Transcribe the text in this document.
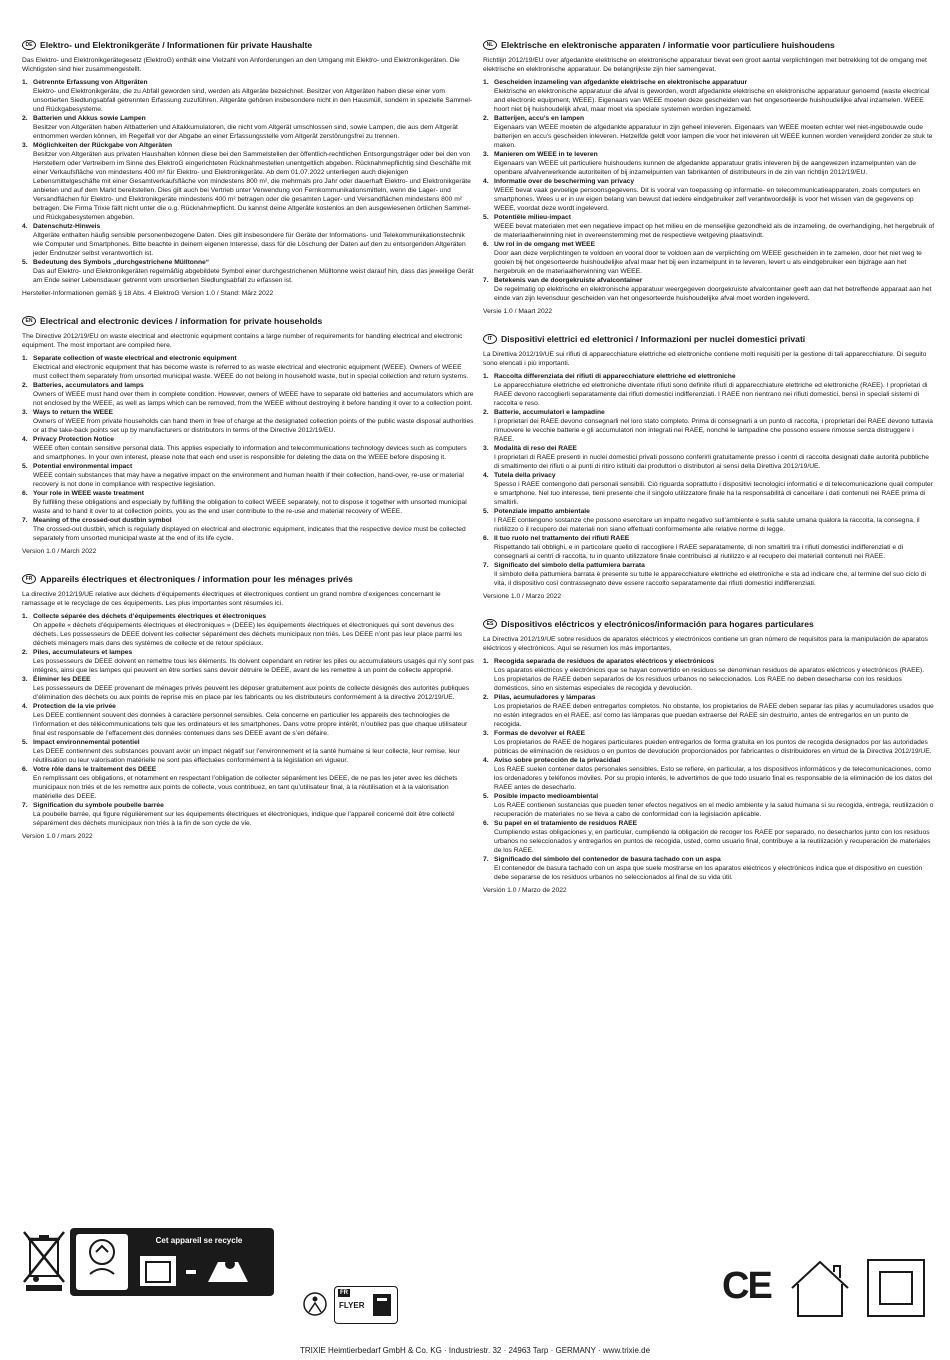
DE Elektro- und Elektronikgeräte / Informationen für private Haushalte
Das Elektro- und Elektronikgerätegesetz (ElektroG) enthält eine Vielzahl von Anforderungen an den Umgang mit Elektro- und Elektronikgeräten. Die Wichtigsten sind hier zusammengestellt.
1. Getrennte Erfassung von Altgeräten
Elektro- und Elektronikgeräte, die zu Abfall geworden sind, werden als Altgeräte bezeichnet. Besitzer von Altgeräten haben diese einer vom unsortierten Siedlungsabfall getrennten Erfassung zuzuführen. Altgeräte gehören insbesondere nicht in den Hausmüll, sondern in spezielle Sammel- und Rückgabesysteme.
2. Batterien und Akkus sowie Lampen
Besitzer von Altgeräten haben Altbatterien und Altakkumulatoren, die nicht vom Altgerät umschlossen sind, sowie Lampen, die aus dem Altgerät entnommen werden können, im Regelfall vor der Abgabe an einer Erfassungsstelle vom Altgerät zerstörungsfrei zu trennen.
3. Möglichkeiten der Rückgabe von Altgeräten
Besitzer von Altgeräten aus privaten Haushalten können diese bei den Sammelstellen der öffentlich-rechtlichen Entsorgungsträger oder bei den von Herstellern oder Vertreibern im Sinne des ElektroG eingerichteten Rücknahmestellen unentgeltlich abgeben. Rücknahmepflichtig sind Geschäfte mit einer Verkaufsfläche von mindestens 400 m² für Elektro- und Elektronikgeräte. Ab dem 01.07.2022 unterliegen auch diejenigen Lebensmittelgeschäfte mit einer Gesamtverkaufsfläche von mindestens 800 m², die mehrmals pro Jahr oder dauerhaft Elektro- und Elektronikgeräte anbieten und auf dem Markt bereitstellen. Dies gilt auch bei Vertrieb unter Verwendung von Fernkommunikationsmitteln, wenn die Lager- und Versandflächen für Elektro- und Elektronikgeräte mindestens 400 m² betragen oder die gesamten Lager- und Versandflächen mindestens 800 m² betragen. Die Firma Trixie fällt nicht unter die o.g. Rücknahmepflicht. Du kannst deine Altgeräte kostenlos an den ausgewiesenen örtlichen Sammel- und Rückgabesystemen abgeben.
4. Datenschutz-Hinweis
Altgeräte enthalten häufig sensible personenbezogene Daten. Dies gilt insbesondere für Geräte der Informations- und Telekommunikationstechnik wie Computer und Smartphones. Bitte beachte in deinem eigenen Interesse, dass für die Löschung der Daten auf den zu entsorgenden Altgeräten jeder Endnutzer selbst verantwortlich ist.
5. Bedeutung des Symbols „durchgestrichene Mülltonne“
Das auf Elektro- und Elektronikgeräten regelmäßig abgebildete Symbol einer durchgestrichenen Mülltonne weist darauf hin, dass das jeweilige Gerät am Ende seiner Lebensdauer getrennt vom unsortierten Siedlungsabfall zu erfassen ist.
Hersteller-Informationen gemäß § 18 Abs. 4 ElektroG Version 1.0 / Stand: März 2022
EN Electrical and electronic devices / information for private households
The Directive 2012/19/EU on waste electrical and electronic equipment contains a large number of requirements for handling electrical and electronic equipment. The most important are compiled here.
1. Separate collection of waste electrical and electronic equipment
Electrical and electronic equipment that has become waste is referred to as waste electrical and electronic equipment (WEEE). Owners of WEEE must collect them separately from unsorted municipal waste. WEEE do not belong in household waste, but in special collection and return systems.
2. Batteries, accumulators and lamps
Owners of WEEE must hand over them in complete condition. However, owners of WEEE have to separate old batteries and accumulators which are not enclosed by the WEEE, as well as lamps which can be removed, from the WEEE without destroying it before handing it over to a collection point.
3. Ways to return the WEEE
Owners of WEEE from private households can hand them in free of charge at the designated collection points of the public waste disposal authorities or at the take-back points set up by manufacturers or distributors in terms of the Directive 2012/19/EU.
4. Privacy Protection Notice
WEEE often contain sensitive personal data. This applies especially to information and telecommunications technology devices such as computers and smartphones. In your own interest, please note that each end user is responsible for deleting the data on the WEEE before disposing it.
5. Potential environmental impact
WEEE contain substances that may have a negative impact on the environment and human health if their collection, hand-over, re-use or material recovery is not done in compliance with respective legislation.
6. Your role in WEEE waste treatment
By fulfilling these obligations and especially by fulfilling the obligation to collect WEEE separately, not to dispose it together with unsorted municipal waste and to hand it over to at collection points, you as the end user contribute to the re-use and material recovery of WEEE.
7. Meaning of the crossed-out dustbin symbol
The crossed-out dustbin, which is regularly displayed on electrical and electronic equipment, indicates that the respective device must be collected separately from unsorted municipal waste at the end of its life cycle.
Version 1.0 / March 2022
FR Appareils électriques et électroniques / information pour les ménages privés
La directive 2012/19/UE relative aux déchets d’équipements électriques et électroniques contient un grand nombre d’exigences concernant le ramassage et le recyclage de ces équipements. Les plus importantes sont résumées ici.
1. Collecte séparée des déchets d’équipements électriques et électroniques
On appelle « déchets d’équipements électriques et électroniques » (DEEE) les équipements électriques et électroniques qui sont devenus des déchets. Les possesseurs de DEEE doivent les collecter séparément des déchets municipaux non triés. Les DEEE n’ont pas leur place parmi les déchets ménagers mais dans des systèmes de collecte et de retour spéciaux.
2. Piles, accumulateurs et lampes
Les possesseurs de DEEE doivent en remettre tous les éléments. Ils doivent cependant en retirer les piles ou accumulateurs usagés qui n’y sont pas intégrés, ainsi que les lampes qui peuvent en être sorties sans devoir détruire le DEEE, avant de les remettre à un point de collecte approprié.
3. Éliminer les DEEE
Les possesseurs de DEEE provenant de ménages privés peuvent les déposer gratuitement aux points de collecte désignés des autorités publiques d’élimination des déchets ou aux points de reprise mis en place par les fabricants ou les distributeurs conformément à la directive 2012/19/UE.
4. Protection de la vie privée
Les DEEE contiennent souvent des données à caractère personnel sensibles. Cela concerne en particulier les appareils des technologies de l’information et des télécommunications tels que les ordinateurs et les smartphones. Dans votre propre intérêt, n’oubliez pas que chaque utilisateur final est responsable de l’effacement des données contenues dans ses DEEE avant de s’en défaire.
5. Impact environnemental potentiel
Les DEEE contiennent des substances pouvant avoir un impact négatif sur l’environnement et la santé humaine si leur collecte, leur remise, leur réutilisation ou leur valorisation matérielle ne sont pas effectuées conformément à la législation en vigueur.
6. Votre rôle dans le traitement des DEEE
En remplissant ces obligations, et notamment en respectant l’obligation de collecter séparément les DEEE, de ne pas les jeter avec les déchets municipaux non triés et de les remettre aux points de collecte, vous contribuez, en tant qu’utilisateur final, à la réutilisation et à la valorisation matérielle des DEEE.
7. Signification du symbole poubelle barrée
La poubelle barrée, qui figure régulièrement sur les équipements électriques et électroniques, indique que l’appareil concerné doit être collecté séparément des déchets municipaux non triés à la fin de son cycle de vie.
Version 1.0 / mars 2022
NL Elektrische en elektronische apparaten / informatie voor particuliere huishoudens
Richtlijn 2012/19/EU over afgedankte elektrische en elektronische apparatuur bevat een groot aantal verplichtingen met betrekking tot de omgang met elektrische en elektronische apparatuur. De belangrijkste zijn hier samengevat.
1. Gescheiden inzameling van afgedankte elektrische en elektronische apparatuur
Elektrische en elektronische apparatuur die afval is geworden, wordt afgedankte elektrische en elektronische apparatuur genoemd (waste electrical and electronic equipment, WEEE). Eigenaars van WEEE moeten deze gescheiden van het ongesorteerde huishoudelijke afval inzamelen. WEEE hoort niet bij huishoudelijk afval, maar moet via speciale systemen worden ingezameld.
2. Batterijen, accu’s en lampen
Eigenaars van WEEE moeten de afgedankte apparatuur in zijn geheel inleveren. Eigenaars van WEEE moeten echter wel niet-ingebouwde oude batterijen en accu’s gescheiden inleveren. Hetzelfde geldt voor lampen die voor het inleveren uit WEEE kunnen worden verwijderd zonder ze stuk te maken.
3. Manieren om WEEE in te leveren
Eigenaars van WEEE uit particuliere huishoudens kunnen de afgedankte apparatuur gratis inleveren bij de aangewezen inzamelpunten van de openbare afvalverwerkende autoriteiten of bij inzamelpunten van fabrikanten of distributeurs in de zin van richtlijn 2012/19/EU.
4. Informatie over de bescherming van privacy
WEEE bevat vaak gevoelige persoonsgegevens. Dit is vooral van toepassing op informatie- en telecommunicatieapparaten, zoals computers en smartphones. Wees u er in uw eigen belang van bewust dat iedere eindgebruiker zelf verantwoordelijk is voor het wissen van de gegevens op WEEE, voordat deze wordt ingeleverd.
5. Potentiële milieu-impact
WEEE bevat materialen met een negatieve impact op het milieu en de menselijke gezondheid als de inzameling, de overhandiging, het hergebruik of de materiaalherwinning niet in overeenstemming met de respectieve wetgeving plaatsvindt.
6. Uw rol in de omgang met WEEE
Door aan deze verplichtingen te voldoen en vooral door te voldoen aan de verplichting om WEEE gescheiden in te zamelen, door het niet weg te gooien bij het ongesorteerde huishoudelijke afval maar het bij een inzamelpunt in te leveren, levert u als eindgebruiker een bijdrage aan het hergebruik en de materiaalherwinning van WEEE.
7. Betekenis van de doorgekruiste afvalcontainer
De regelmatig op elektrische en elektronische apparatuur weergegeven doorgekruiste afvalcontainer geeft aan dat het betreffende apparaat aan het einde van zijn levensduur gescheiden van het ongesorteerde huishoudelijke afval moet worden ingeleverd.
Versie 1.0 / Maart 2022
IT	Dispositivi elettrici ed elettronici / Informazioni per nuclei domestici privati
La Direttiva 2012/19/UE sui rifiuti di apparecchiature elettriche ed elettroniche contiene molti requisiti per la gestione di tali apparecchiature. Di seguito sono elencati i più importanti.
1. Raccolta differenziata dei rifiuti di apparecchiature elettriche ed elettroniche
Le apparecchiature elettriche ed elettroniche diventate rifiuti sono definite rifiuti di apparecchiature elettriche ed elettroniche (RAEE). I proprietari di RAEE devono raccoglierli separatamente dai rifiuti domestici indifferenziati. I RAEE non rientrano nei rifiuti domestici, bensì in speciali sistemi di raccolta e reso.
2. Batterie, accumulatori e lampadine
I proprietari dei RAEE devono consegnarli nel loro stato completo. Prima di consegnarli a un punto di raccolta, i proprietari dei RAEE devono tuttavia rimuovere le vecchie batterie e gli accumulatori non integrati nei RAEE, nonché le lampadine che possono essere rimosse senza distruggere i RAEE.
3. Modalità di reso dei RAEE
I proprietari di RAEE presenti in nuclei domestici privati possono conferirli gratuitamente presso i centri di raccolta designati dalle autorità pubbliche di smaltimento dei rifiuti o ai punti di ritiro istituiti dai produttori o distributori ai sensi della Direttiva 2012/19/UE.
4. Tutela della privacy
Spesso i RAEE contengono dati personali sensibili. Ciò riguarda soprattutto i dispositivi tecnologici informatici e di telecomunicazione quali computer e smartphone. Nel tuo interesse, tieni presente che il singolo utilizzatore finale ha la responsabilità di cancellare i dati contenuti nei RAEE prima di smaltirli.
5. Potenziale impatto ambientale
I RAEE contengono sostanze che possono esercitare un impatto negativo sull’ambiente e sulla salute umana qualora la raccolta, la consegna, il riutilizzo o il recupero dei materiali non siano effettuati conformemente alle relative norme di legge.
6. Il tuo ruolo nel trattamento dei rifiuti RAEE
Rispettando tali obblighi, e in particolare quello di raccogliere i RAEE separatamente, di non smaltirli tra i rifiuti domestici indifferenziati e di consegnarli ai centri di raccolta, tu in quanto utilizzatore finale contribuisci al riutilizzo e al recupero dei materiali contenuti nei RAEE.
7. Significato del simbolo della pattumiera barrata
Il simbolo della pattumiera barrata è presente su tutte le apparecchiature elettriche ed elettroniche e sta ad indicare che, al termine del suo ciclo di vita, il dispositivo così contrassegnato deve essere raccolto separatamente dai rifiuti domestici indifferenziati.
Versione 1.0 / Marzo 2022
ES Dispositivos eléctricos y electrónicos/información para hogares particulares
La Directiva 2012/19/UE sobre residuos de aparatos eléctricos y electrónicos contiene un gran número de requisitos para la manipulación de aparatos eléctricos y electrónicos. Aquí se resumen los más importantes.
1. Recogida separada de residuos de aparatos eléctricos y electrónicos
Los aparatos eléctricos y electrónicos que se hayan convertido en residuos se denominan residuos de aparatos eléctricos y electrónicos (RAEE). Los propietarios de RAEE deben separarlos de los residuos urbanos no seleccionados. Los RAEE no deben desecharse con los residuos domésticos, sino en sistemas especiales de recogida y devolución.
2. Pilas, acumuladores y lámparas
Los propietarios de RAEE deben entregarlos completos. No obstante, los propietarios de RAEE deben separar las pilas y acumuladores usados que no estén integrados en el RAEE, así como las lámparas que puedan extraerse del RAEE sin destruirlo, antes de entregarlos en un punto de recogida.
3. Formas de devolver el RAEE
Los propietarios de RAEE de hogares particulares pueden entregarlos de forma gratuita en los puntos de recogida designados por las autoridades públicas de eliminación de residuos o en puntos de devolución proporcionados por fabricantes o distribuidores en virtud de la Directiva 2012/19/UE.
4. Aviso sobre protección de la privacidad
Los RAEE suelen contener datos personales sensibles. Esto se refiere, en particular, a los dispositivos informáticos y de telecomunicaciones, como los ordenadores y teléfonos móviles. Por su propio interés, le advertimos de que todo usuario final es responsable de la eliminación de los datos del RAEE antes de desecharlo.
5. Posible impacto medioambiental
Los RAEE contienen sustancias que pueden tener efectos negativos en el medio ambiente y la salud humana si su recogida, entrega, reutilización o recuperación de materiales no se lleva a cabo de conformidad con la legislación aplicable.
6. Su papel en el tratamiento de residuos RAEE
Cumpliendo estas obligaciones y, en particular, cumpliendo la obligación de recoger los RAEE por separado, no desecharlos junto con los residuos urbanos no seleccionados y entregarlos en puntos de recogida, usted, como usuario final, contribuye a la reutilización y recuperación de materiales de los RAEE.
7. Significado del símbolo del contenedor de basura tachado con un aspa
El contenedor de basura tachado con un aspa que suele mostrarse en los aparatos eléctricos y electrónicos indica que el dispositivo en cuestión debe separarse de los residuos urbanos no seleccionados al final de su vida útil.
Versión 1.0 / Marzo de 2022
Cet appareil se recycle
FR
FLYER	CE
TRIXIE Heimtierbedarf GmbH & Co. KG · Industriestr. 32 · 24963 Tarp · GERMANY · www.trixie.de
